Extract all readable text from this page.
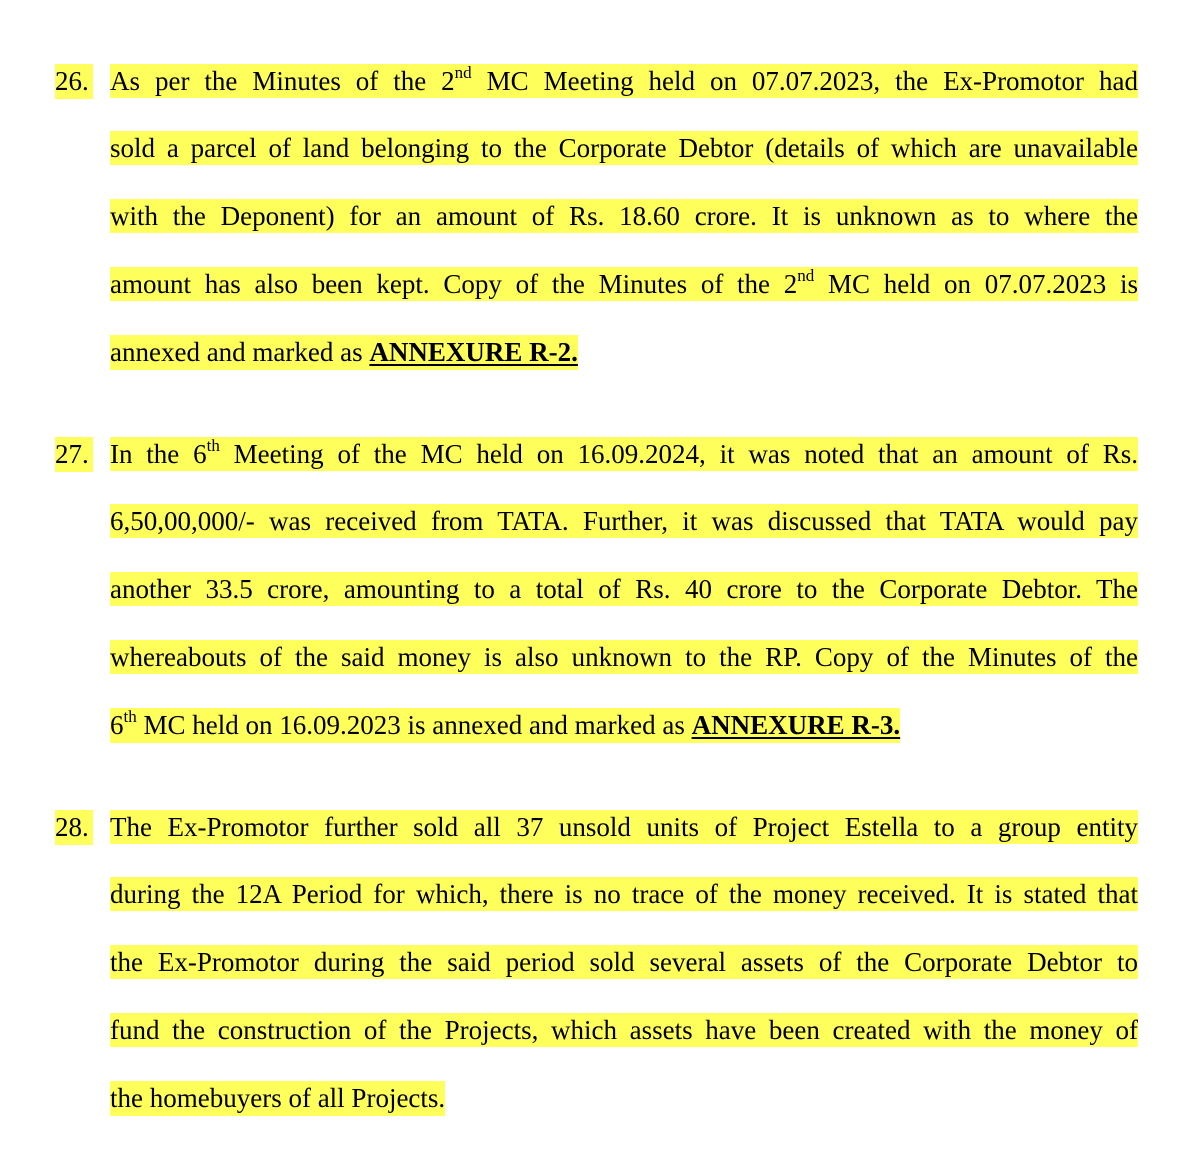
26. As per the Minutes of the 2nd MC Meeting held on 07.07.2023, the Ex-Promotor had
sold a parcel of land belonging to the Corporate Debtor (details of which are unavailable
with the Deponent) for an amount of Rs. 18.60 crore. It is unknown as to where the
amount has also been kept. Copy of the Minutes of the 2nd MC held on 07.07.2023 is
annexed and marked as ANNEXURE R-2.
27. In the 6th Meeting of the MC held on 16.09.2024, it was noted that an amount of Rs.
6,50,00,000/- was received from TATA. Further, it was discussed that TATA would pay
another 33.5 crore, amounting to a total of Rs. 40 crore to the Corporate Debtor. The
whereabouts of the said money is also unknown to the RP. Copy of the Minutes of the
6th MC held on 16.09.2023 is annexed and marked as ANNEXURE R-3.
28. The Ex-Promotor further sold all 37 unsold units of Project Estella to a group entity
during the 12A Period for which, there is no trace of the money received. It is stated that
the Ex-Promotor during the said period sold several assets of the Corporate Debtor to
fund the construction of the Projects, which assets have been created with the money of
the homebuyers of all Projects.
